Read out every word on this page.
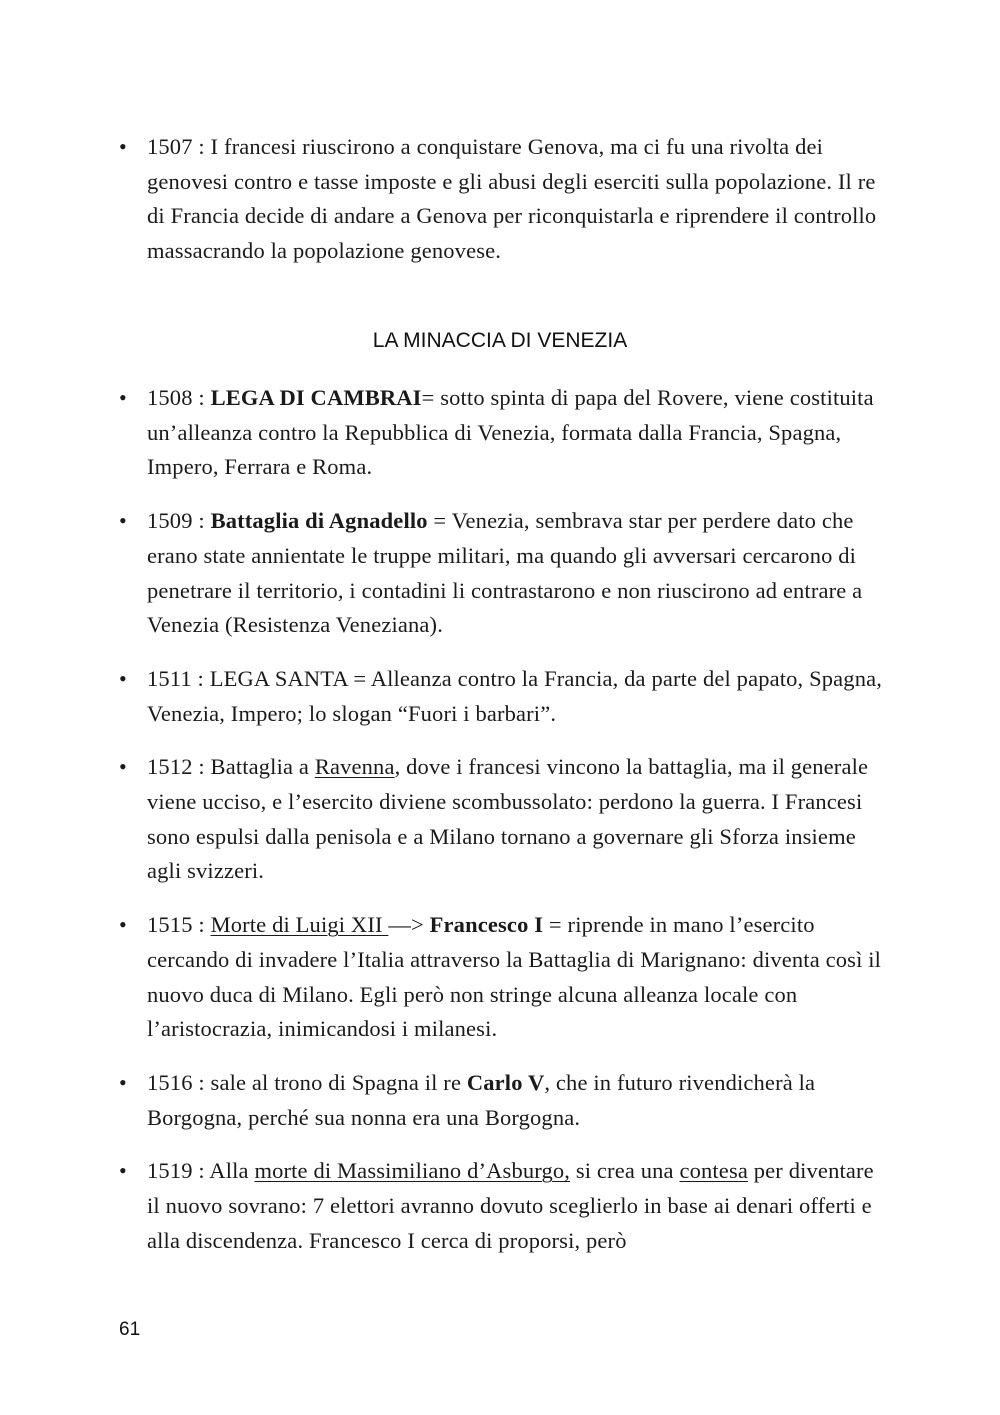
• 1507 : I francesi riuscirono a conquistare Genova, ma ci fu una rivolta dei genovesi contro e tasse imposte e gli abusi degli eserciti sulla popolazione. Il re di Francia decide di andare a Genova per riconquistarla e riprendere il controllo massacrando la popolazione genovese.
LA MINACCIA DI VENEZIA
• 1508 : LEGA DI CAMBRAI= sotto spinta di papa del Rovere, viene costituita un’alleanza contro la Repubblica di Venezia, formata dalla Francia, Spagna, Impero, Ferrara e Roma.
• 1509 : Battaglia di Agnadello = Venezia, sembrava star per perdere dato che erano state annientate le truppe militari, ma quando gli avversari cercarono di penetrare il territorio, i contadini li contrastarono e non riuscirono ad entrare a Venezia (Resistenza Veneziana).
• 1511 : LEGA SANTA = Alleanza contro la Francia, da parte del papato, Spagna, Venezia, Impero; lo slogan “Fuori i barbari”.
• 1512 : Battaglia a Ravenna, dove i francesi vincono la battaglia, ma il generale viene ucciso, e l’esercito diviene scombussolato: perdono la guerra. I Francesi sono espulsi dalla penisola e a Milano tornano a governare gli Sforza insieme agli svizzeri.
• 1515 : Morte di Luigi XII —> Francesco I = riprende in mano l’esercito cercando di invadere l’Italia attraverso la Battaglia di Marignano: diventa così il nuovo duca di Milano. Egli però non stringe alcuna alleanza locale con l’aristocrazia, inimicandosi i milanesi.
• 1516 : sale al trono di Spagna il re Carlo V, che in futuro rivendicherà la Borgogna, perché sua nonna era una Borgogna.
• 1519 : Alla morte di Massimiliano d’Asburgo, si crea una contesa per diventare il nuovo sovrano: 7 elettori avranno dovuto sceglierlo in base ai denari offerti e alla discendenza. Francesco I cerca di proporsi, però
61
